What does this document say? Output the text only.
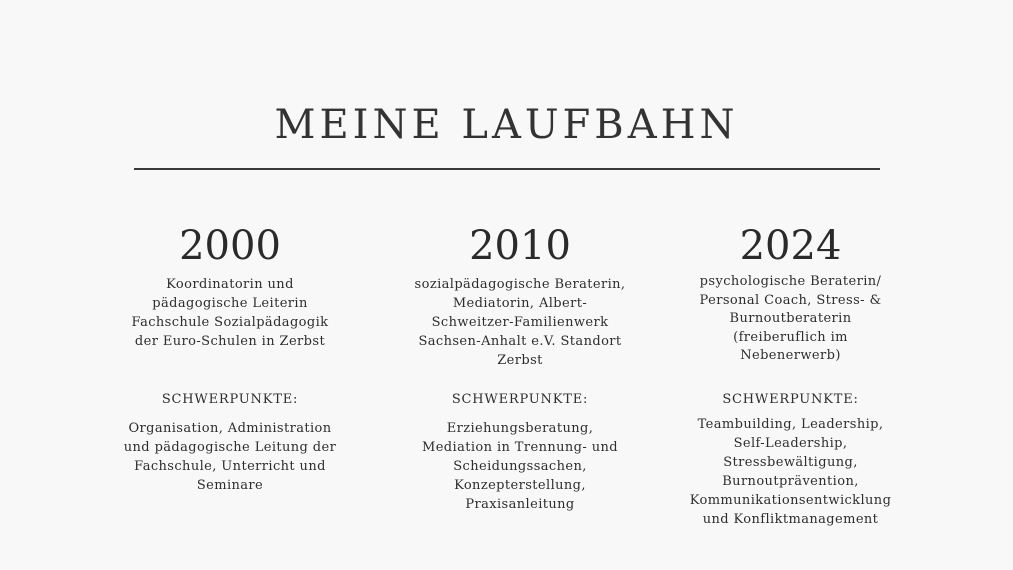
MEINE LAUFBAHN
2000

Koordinatorin und
pädagogische Leiterin
Fachschule Sozialpädagogik
der Euro-Schulen in Zerbst

SCHWERPUNKTE:

Organisation, Administration
und pädagogische Leitung der
Fachschule, Unterricht und
Seminare

2010

sozialpädagogische Beraterin,
Mediatorin, Albert-
Schweitzer-Familienwerk
Sachsen-Anhalt e.V. Standort
Zerbst

SCHWERPUNKTE:

Erziehungsberatung,
Mediation in Trennung- und
Scheidungssachen,
Konzepterstellung,
Praxisanleitung

2024

psychologische Beraterin/
Personal Coach, Stress- &
Burnoutberaterin
(freiberuflich im
Nebenerwerb)

SCHWERPUNKTE:

Teambuilding, Leadership,
Self-Leadership,
Stressbewältigung,
Burnoutprävention,
Kommunikationsentwicklung
und Konfliktmanagement
